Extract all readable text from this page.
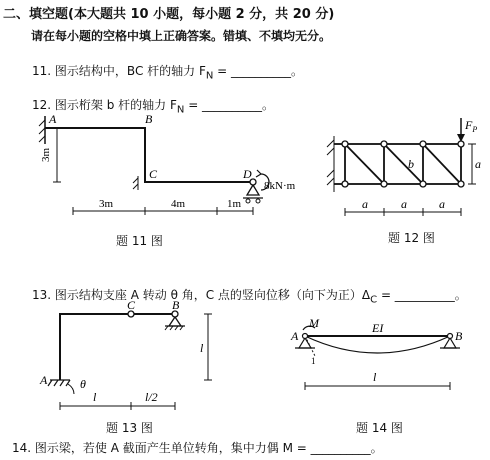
二、填空题(本大题共 10 小题，每小题 2 分，共 20 分)
请在每小题的空格中填上正确答案。错填、不填均无分。
11. 图示结构中，BC 杆的轴力 $F_N$ = __________。
12. 图示桁架 b 杆的轴力 $F_N$ = __________。
13. 图示结构支座 A 转动 θ 角，C 点的竖向位移（向下为正）$\Delta_C$ = __________。
14. 图示梁，若使 A 截面产生单位转角，集中力偶 M = __________。
8kN·m
A	B
C	D
3m
3m	4m	1m
题 11 图
b
$F_P$
a
a	a	a
题 12 图
A	θ
C	B
l
l	l/2
题 13 图
1
M
A	B
EI
l
题 14 图
